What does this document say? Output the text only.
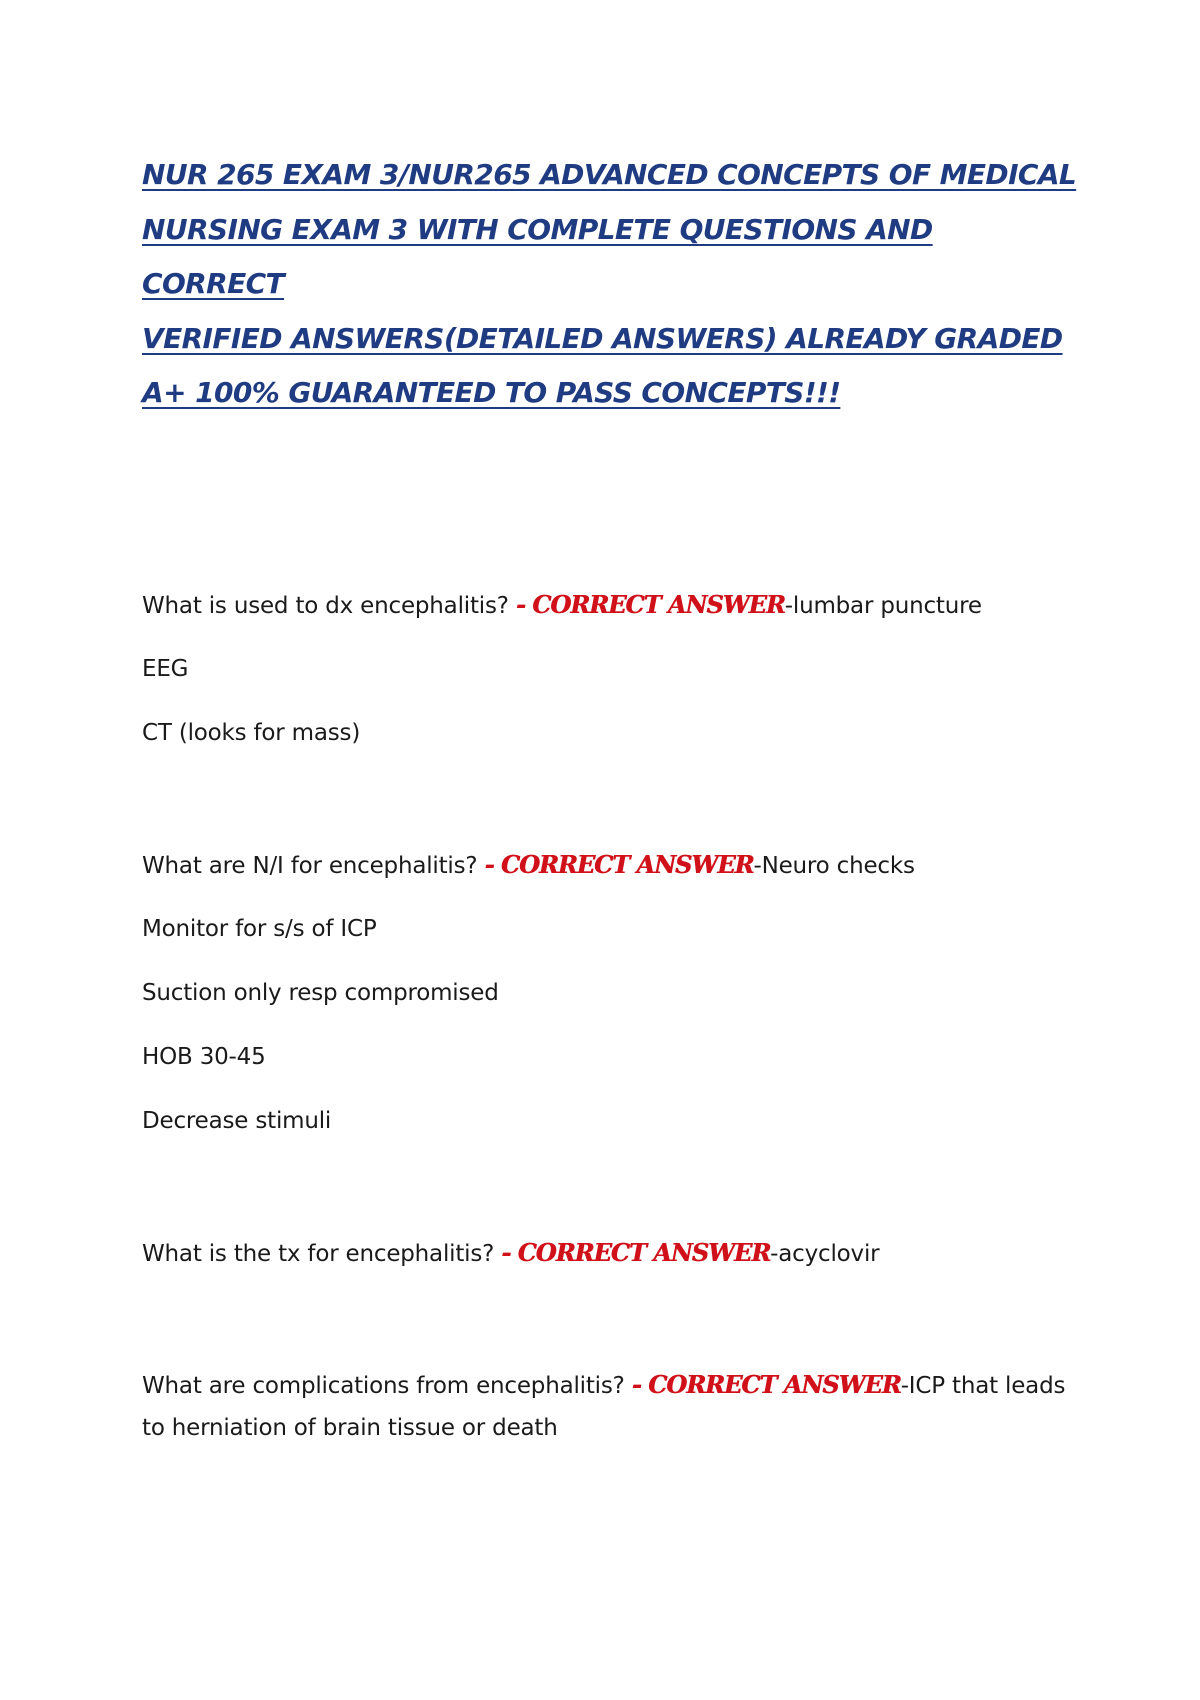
NUR 265 EXAM 3/NUR265 ADVANCED CONCEPTS OF MEDICAL
NURSING EXAM 3 WITH COMPLETE QUESTIONS AND CORRECT
VERIFIED ANSWERS(DETAILED ANSWERS) ALREADY GRADED
A+ 100% GUARANTEED TO PASS CONCEPTS!!!
What is used to dx encephalitis? - CORRECT ANSWER-lumbar puncture
EEG
CT (looks for mass)
What are N/I for encephalitis? - CORRECT ANSWER-Neuro checks
Monitor for s/s of ICP
Suction only resp compromised
HOB 30-45
Decrease stimuli
What is the tx for encephalitis? - CORRECT ANSWER-acyclovir
What are complications from encephalitis? - CORRECT ANSWER-ICP that leads to herniation of brain tissue or death
